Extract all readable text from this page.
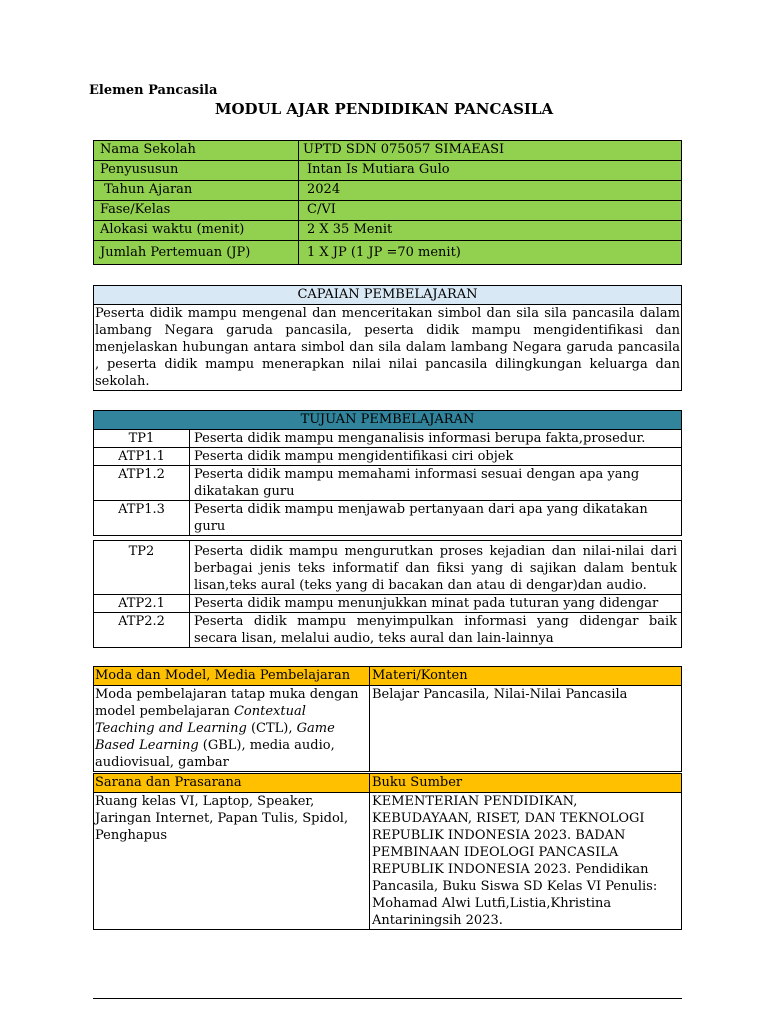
Elemen Pancasila
MODUL AJAR PENDIDIKAN PANCASILA
Nama Sekolah	UPTD SDN 075057 SIMAEASI
Penyususun	Intan Is Mutiara Gulo
Tahun Ajaran	2024
Fase/Kelas	C/VI
Alokasi waktu (menit)	2 X 35 Menit
Jumlah Pertemuan (JP)	1 X JP (1 JP =70 menit)
CAPAIAN PEMBELAJARAN
Peserta didik mampu mengenal dan menceritakan simbol dan sila sila pancasila dalam lambang Negara garuda pancasila, peserta didik mampu mengidentifikasi dan menjelaskan hubungan antara simbol dan sila dalam lambang Negara garuda pancasila , peserta didik mampu menerapkan nilai nilai pancasila dilingkungan keluarga dan sekolah.
TUJUAN PEMBELAJARAN	
TP1	Peserta didik mampu menganalisis informasi berupa fakta,prosedur.
ATP1.1	Peserta didik mampu mengidentifikasi ciri objek
ATP1.2	Peserta didik mampu memahami informasi sesuai dengan apa yang dikatakan guru
ATP1.3	Peserta didik mampu menjawab pertanyaan dari apa yang dikatakan guru
TP2	Peserta didik mampu mengurutkan proses kejadian dan nilai-nilai dari berbagai jenis teks informatif dan fiksi yang di sajikan dalam bentuk lisan,teks aural (teks yang di bacakan dan atau di dengar)dan audio.
ATP2.1	Peserta didik mampu menunjukkan minat pada tuturan yang didengar
ATP2.2	Peserta didik mampu menyimpulkan informasi yang didengar baik secara lisan, melalui audio, teks aural dan lain-lainnya
Moda dan Model, Media Pembelajaran	Materi/Konten
Moda pembelajaran tatap muka dengan model pembelajaran Contextual Teaching and Learning (CTL), Game Based Learning (GBL), media audio, audiovisual, gambar	Belajar Pancasila, Nilai-Nilai Pancasila
Sarana dan Prasarana	Buku Sumber
Ruang kelas VI, Laptop, Speaker, Jaringan Internet, Papan Tulis, Spidol, Penghapus	KEMENTERIAN PENDIDIKAN, KEBUDAYAAN, RISET, DAN TEKNOLOGI REPUBLIK INDONESIA 2023. BADAN PEMBINAAN IDEOLOGI PANCASILA REPUBLIK INDONESIA 2023. Pendidikan Pancasila, Buku Siswa SD Kelas VI Penulis: Mohamad Alwi Lutfi,Listia,Khristina Antariningsih 2023.
